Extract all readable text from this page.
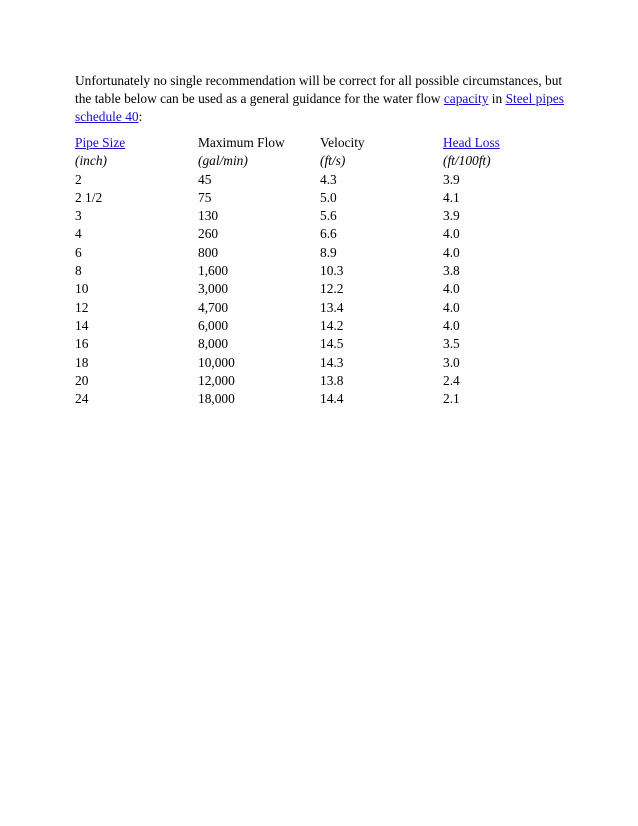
Unfortunately no single recommendation will be correct for all possible circumstances, but the table below can be used as a general guidance for the water flow capacity in Steel pipes schedule 40:

Pipe Size	Maximum Flow	Velocity	Head Loss
(inch)	(gal/min)	(ft/s)	(ft/100ft)
2	45	4.3	3.9
2 1/2	75	5.0	4.1
3	130	5.6	3.9
4	260	6.6	4.0
6	800	8.9	4.0
8	1,600	10.3	3.8
10	3,000	12.2	4.0
12	4,700	13.4	4.0
14	6,000	14.2	4.0
16	8,000	14.5	3.5
18	10,000	14.3	3.0
20	12,000	13.8	2.4
24	18,000	14.4	2.1
